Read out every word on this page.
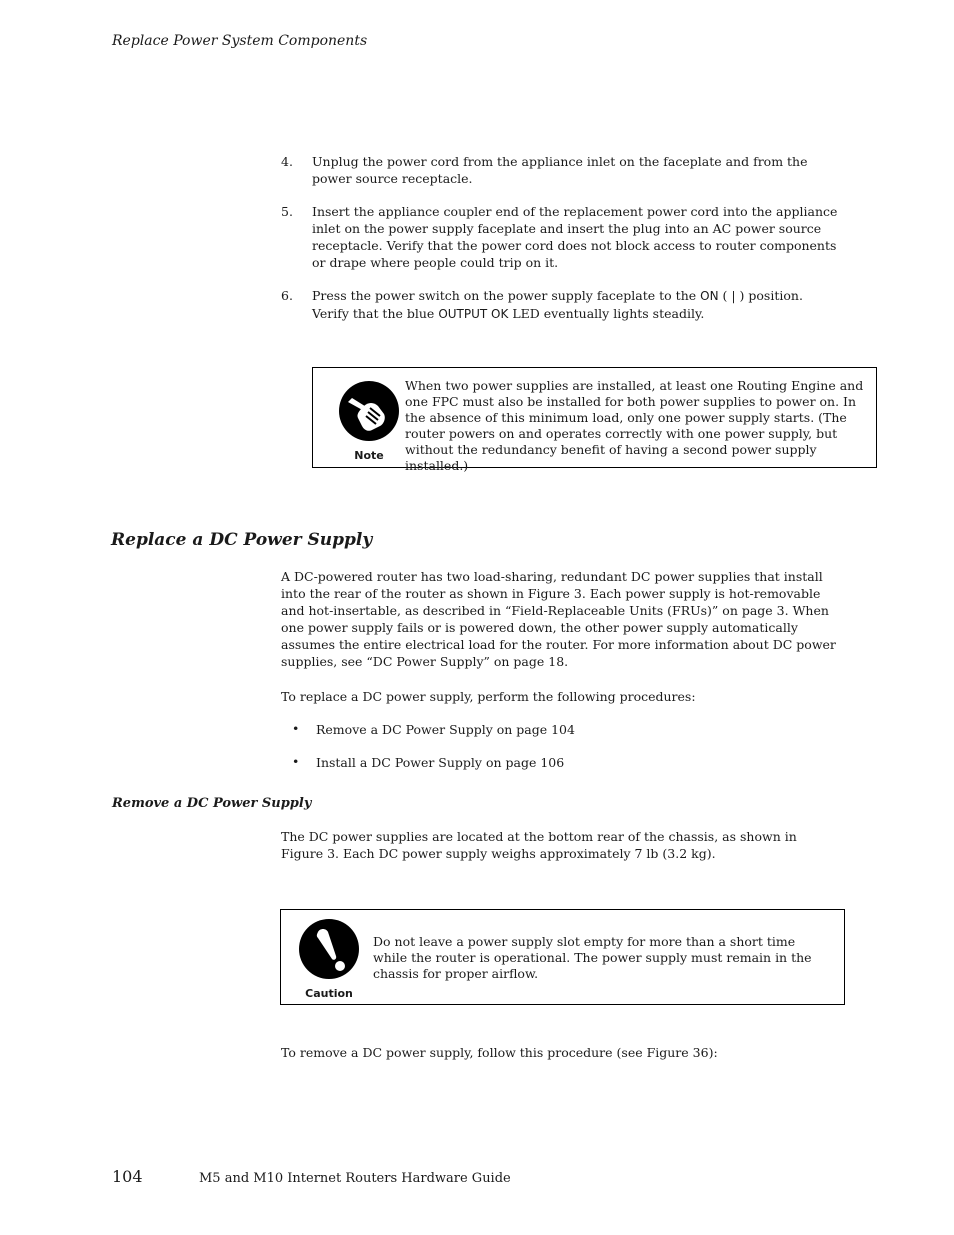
Replace Power System Components
4. Unplug the power cord from the appliance inlet on the faceplate and from the power source receptacle.
5. Insert the appliance coupler end of the replacement power cord into the appliance inlet on the power supply faceplate and insert the plug into an AC power source receptacle. Verify that the power cord does not block access to router components or drape where people could trip on it.
6. Press the power switch on the power supply faceplate to the ON ( | ) position. Verify that the blue OUTPUT OK LED eventually lights steadily.
Note
When two power supplies are installed, at least one Routing Engine and one FPC must also be installed for both power supplies to power on. In the absence of this minimum load, only one power supply starts. (The router powers on and operates correctly with one power supply, but without the redundancy benefit of having a second power supply installed.)
Replace a DC Power Supply
A DC-powered router has two load-sharing, redundant DC power supplies that install into the rear of the router as shown in Figure 3. Each power supply is hot-removable and hot-insertable, as described in “Field-Replaceable Units (FRUs)” on page 3. When one power supply fails or is powered down, the other power supply automatically assumes the entire electrical load for the router. For more information about DC power supplies, see “DC Power Supply” on page 18.
To replace a DC power supply, perform the following procedures:
• Remove a DC Power Supply on page 104
• Install a DC Power Supply on page 106
Remove a DC Power Supply
The DC power supplies are located at the bottom rear of the chassis, as shown in Figure 3. Each DC power supply weighs approximately 7 lb (3.2 kg).
Caution
Do not leave a power supply slot empty for more than a short time while the router is operational. The power supply must remain in the chassis for proper airflow.
To remove a DC power supply, follow this procedure (see Figure 36):
104	M5 and M10 Internet Routers Hardware Guide
